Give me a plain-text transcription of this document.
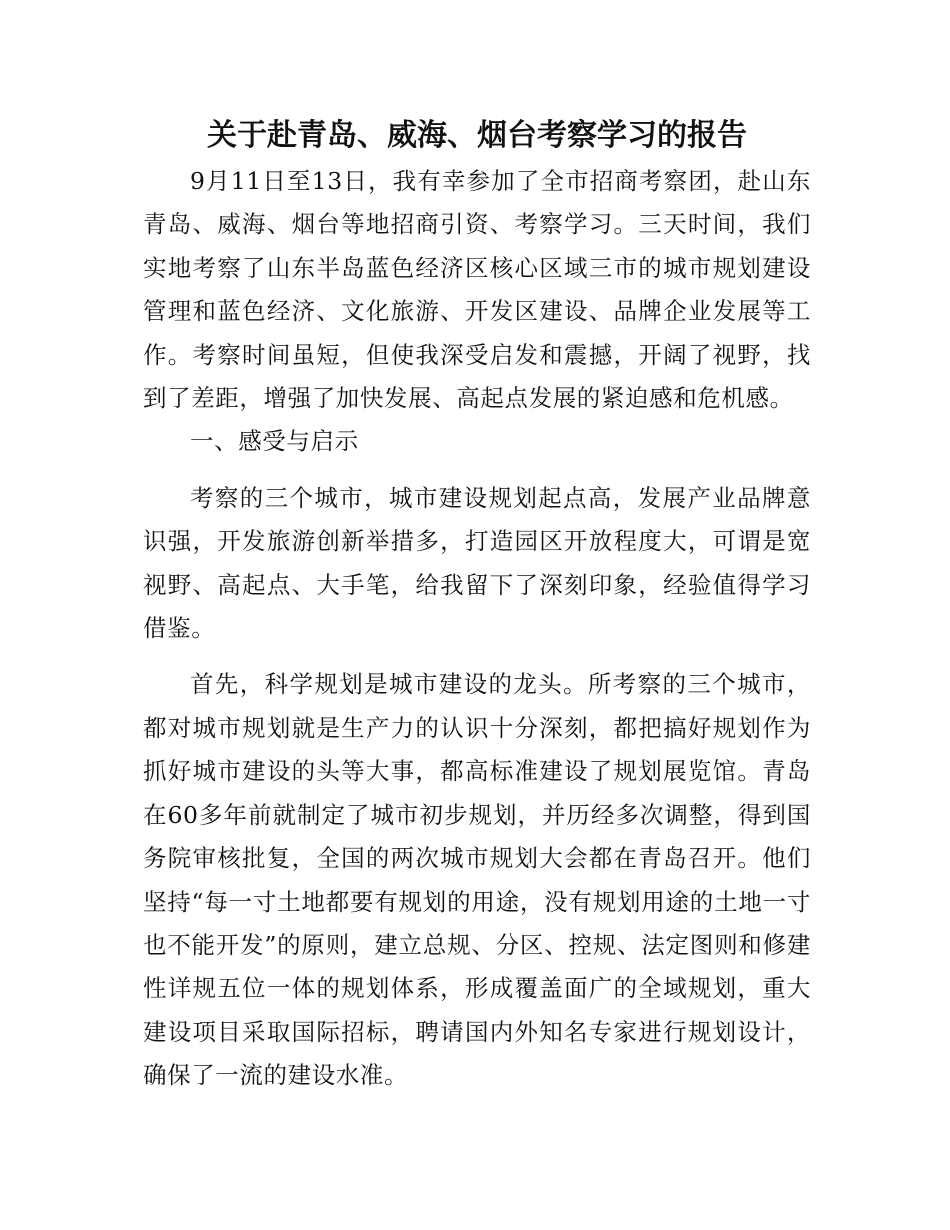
关于赴青岛、威海、烟台考察学习的报告

9月11日至13日，我有幸参加了全市招商考察团，赴山东青岛、威海、烟台等地招商引资、考察学习。三天时间，我们实地考察了山东半岛蓝色经济区核心区域三市的城市规划建设管理和蓝色经济、文化旅游、开发区建设、品牌企业发展等工作。考察时间虽短，但使我深受启发和震撼，开阔了视野，找到了差距，增强了加快发展、高起点发展的紧迫感和危机感。

一、感受与启示

考察的三个城市，城市建设规划起点高，发展产业品牌意识强，开发旅游创新举措多，打造园区开放程度大，可谓是宽视野、高起点、大手笔，给我留下了深刻印象，经验值得学习借鉴。

首先，科学规划是城市建设的龙头。所考察的三个城市，都对城市规划就是生产力的认识十分深刻，都把搞好规划作为抓好城市建设的头等大事，都高标准建设了规划展览馆。青岛在60多年前就制定了城市初步规划，并历经多次调整，得到国务院审核批复，全国的两次城市规划大会都在青岛召开。他们坚持“每一寸土地都要有规划的用途，没有规划用途的土地一寸也不能开发”的原则，建立总规、分区、控规、法定图则和修建性详规五位一体的规划体系，形成覆盖面广的全域规划，重大建设项目采取国际招标，聘请国内外知名专家进行规划设计，确保了一流的建设水准。
